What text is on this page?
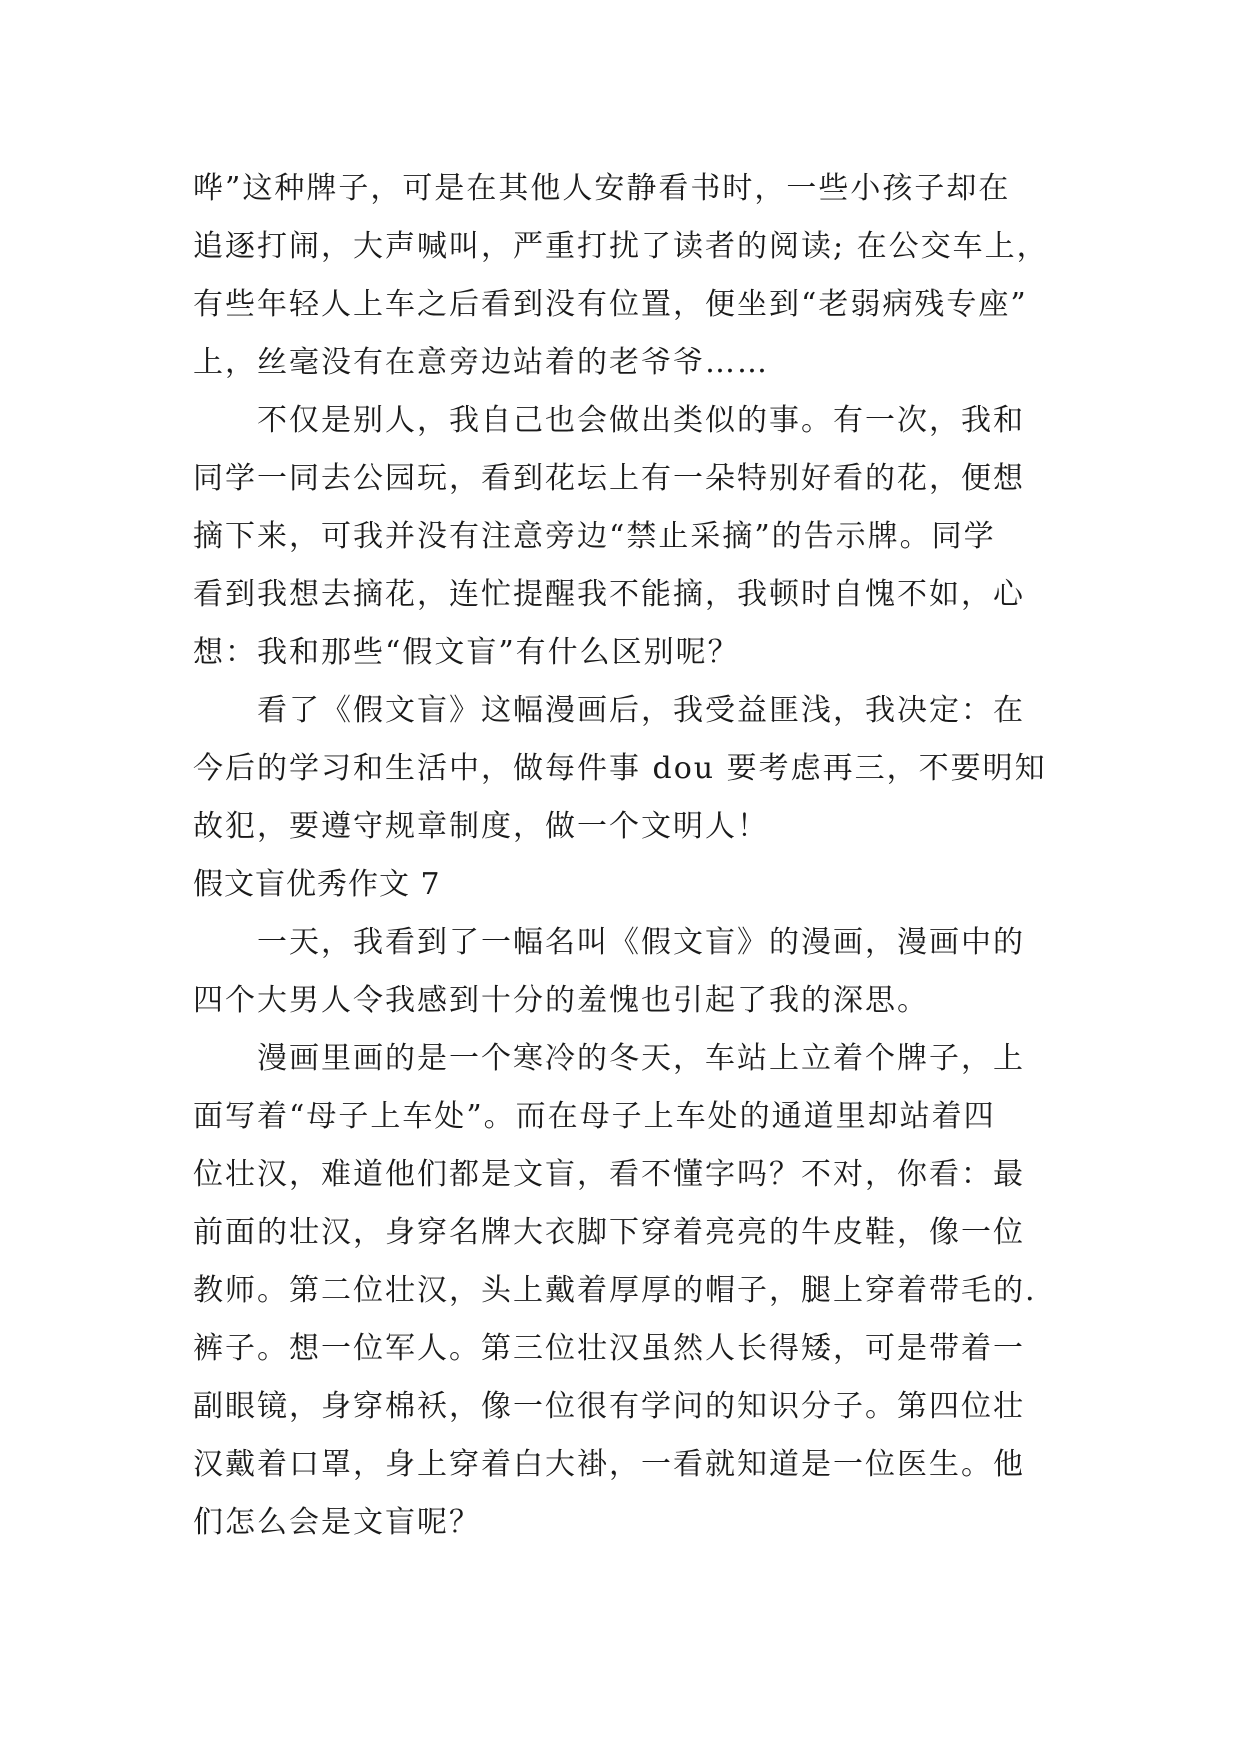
哗”这种牌子，可是在其他人安静看书时，一些小孩子却在
追逐打闹，大声喊叫，严重打扰了读者的阅读; 在公交车上，
有些年轻人上车之后看到没有位置，便坐到“老弱病残专座”
上，丝毫没有在意旁边站着的老爷爷……
不仅是别人，我自己也会做出类似的事。有一次，我和
同学一同去公园玩，看到花坛上有一朵特别好看的花，便想
摘下来，可我并没有注意旁边“禁止采摘”的告示牌。同学
看到我想去摘花，连忙提醒我不能摘，我顿时自愧不如，心
想：我和那些“假文盲”有什么区别呢？
看了《假文盲》这幅漫画后，我受益匪浅，我决定：在
今后的学习和生活中，做每件事 dou 要考虑再三，不要明知
故犯，要遵守规章制度，做一个文明人！
假文盲优秀作文 7
一天，我看到了一幅名叫《假文盲》的漫画，漫画中的
四个大男人令我感到十分的羞愧也引起了我的深思。
漫画里画的是一个寒冷的冬天，车站上立着个牌子，上
面写着“母子上车处”。而在母子上车处的通道里却站着四
位壮汉，难道他们都是文盲，看不懂字吗？不对，你看：最
前面的壮汉，身穿名牌大衣脚下穿着亮亮的牛皮鞋，像一位
教师。第二位壮汉，头上戴着厚厚的帽子，腿上穿着带毛的.
裤子。想一位军人。第三位壮汉虽然人长得矮，可是带着一
副眼镜，身穿棉袄，像一位很有学问的知识分子。第四位壮
汉戴着口罩，身上穿着白大褂，一看就知道是一位医生。他
们怎么会是文盲呢？
